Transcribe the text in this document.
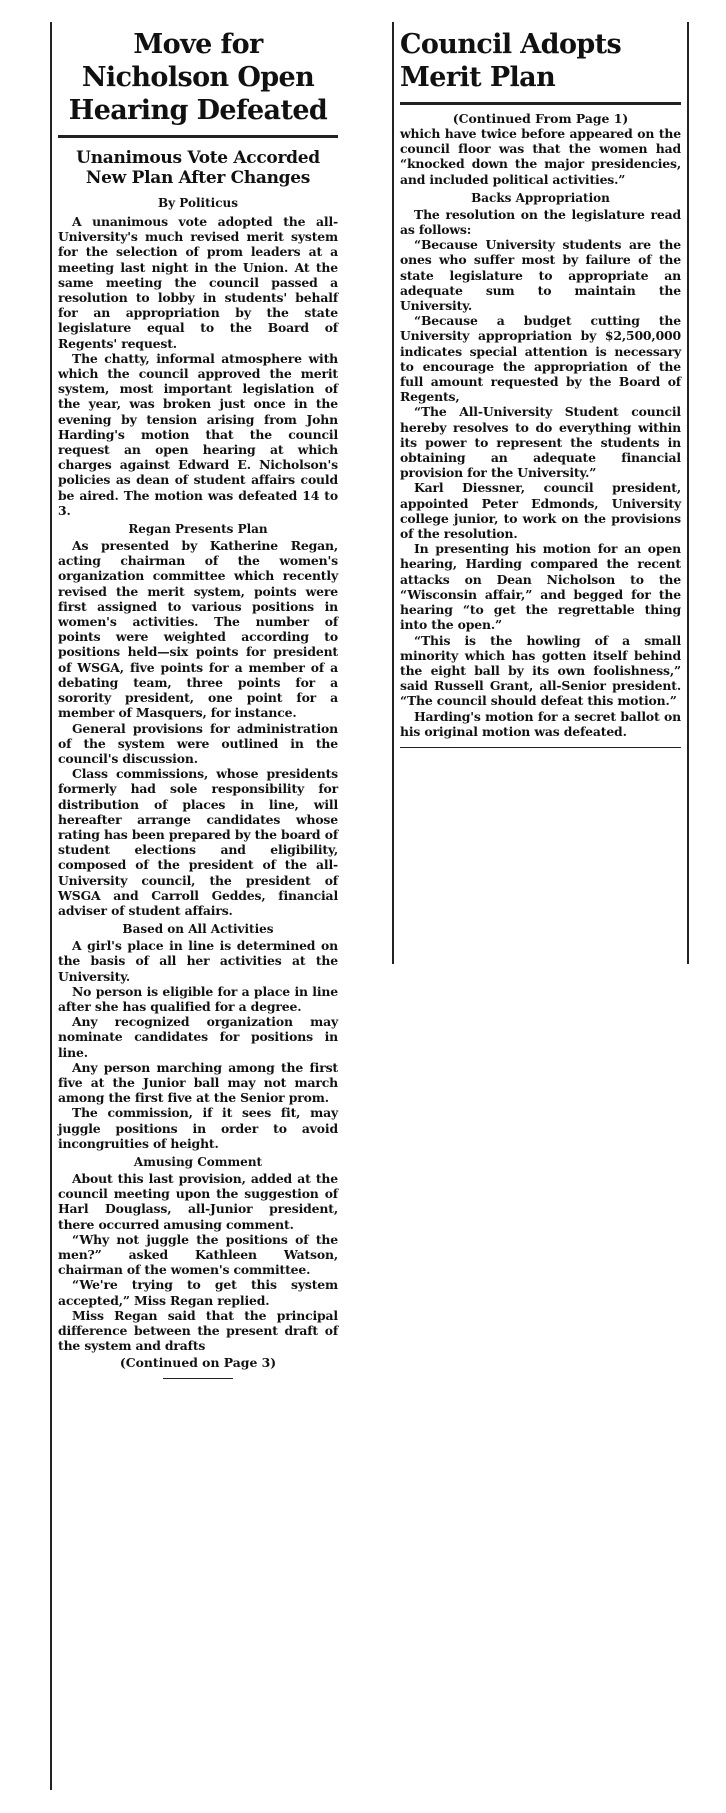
Move for Nicholson Open Hearing Defeated
Unanimous Vote Accorded New Plan After Changes
By Politicus

A unanimous vote adopted the all-University's much revised merit system for the selection of prom leaders at a meeting last night in the Union. At the same meeting the council passed a resolution to lobby in students' behalf for an appropriation by the state legislature equal to the Board of Regents' request.

The chatty, informal atmosphere with which the council approved the merit system, most important legislation of the year, was broken just once in the evening by tension arising from John Harding's motion that the council request an open hearing at which charges against Edward E. Nicholson's policies as dean of student affairs could be aired. The motion was defeated 14 to 3.

Regan Presents Plan

As presented by Katherine Regan, acting chairman of the women's organization committee which recently revised the merit system, points were first assigned to various positions in women's activities. The number of points were weighted according to positions held—six points for president of WSGA, five points for a member of a debating team, three points for a sorority president, one point for a member of Masquers, for instance.

General provisions for administration of the system were outlined in the council's discussion.

Class commissions, whose presidents formerly had sole responsibility for distribution of places in line, will hereafter arrange candidates whose rating has been prepared by the board of student elections and eligibility, composed of the president of the all-University council, the president of WSGA and Carroll Geddes, financial adviser of student affairs.

Based on All Activities

A girl's place in line is determined on the basis of all her activities at the University.

No person is eligible for a place in line after she has qualified for a degree.

Any recognized organization may nominate candidates for positions in line.

Any person marching among the first five at the Junior ball may not march among the first five at the Senior prom.

The commission, if it sees fit, may juggle positions in order to avoid incongruities of height.

Amusing Comment

About this last provision, added at the council meeting upon the suggestion of Harl Douglass, all-Junior president, there occurred amusing comment.

“Why not juggle the positions of the men?” asked Kathleen Watson, chairman of the women's committee.

“We're trying to get this system accepted,” Miss Regan replied.

Miss Regan said that the principal difference between the present draft of the system and drafts

(Continued on Page 3)
Council Adopts Merit Plan
(Continued From Page 1)

which have twice before appeared on the council floor was that the women had “knocked down the major presidencies, and included political activities.”

Backs Appropriation

The resolution on the legislature read as follows:

“Because University students are the ones who suffer most by failure of the state legislature to appropriate an adequate sum to maintain the University.

“Because a budget cutting the University appropriation by $2,500,000 indicates special attention is necessary to encourage the appropriation of the full amount requested by the Board of Regents,

“The All-University Student council hereby resolves to do everything within its power to represent the students in obtaining an adequate financial provision for the University.”

Karl Diessner, council president, appointed Peter Edmonds, University college junior, to work on the provisions of the resolution.

In presenting his motion for an open hearing, Harding compared the recent attacks on Dean Nicholson to the “Wisconsin affair,” and begged for the hearing “to get the regrettable thing into the open.”

“This is the howling of a small minority which has gotten itself behind the eight ball by its own foolishness,” said Russell Grant, all-Senior president. “The council should defeat this motion.”

Harding's motion for a secret ballot on his original motion was defeated.
